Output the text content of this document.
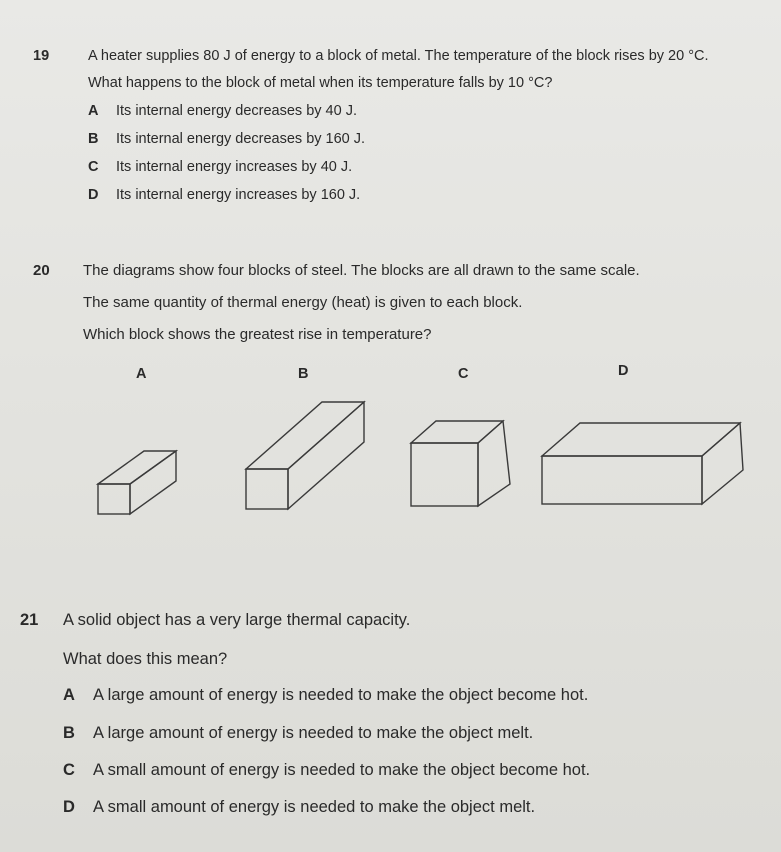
19	A heater supplies 80 J of energy to a block of metal. The temperature of the block rises by 20 °C.
What happens to the block of metal when its temperature falls by 10 °C?
A Its internal energy decreases by 40 J.
B Its internal energy decreases by 160 J.
C Its internal energy increases by 40 J.
D Its internal energy increases by 160 J.
20 The diagrams show four blocks of steel. The blocks are all drawn to the same scale.
The same quantity of thermal energy (heat) is given to each block.
Which block shows the greatest rise in temperature?
A	B	C	D
21 A solid object has a very large thermal capacity.
What does this mean?
A A large amount of energy is needed to make the object become hot.
B A large amount of energy is needed to make the object melt.
C A small amount of energy is needed to make the object become hot.
D A small amount of energy is needed to make the object melt.
